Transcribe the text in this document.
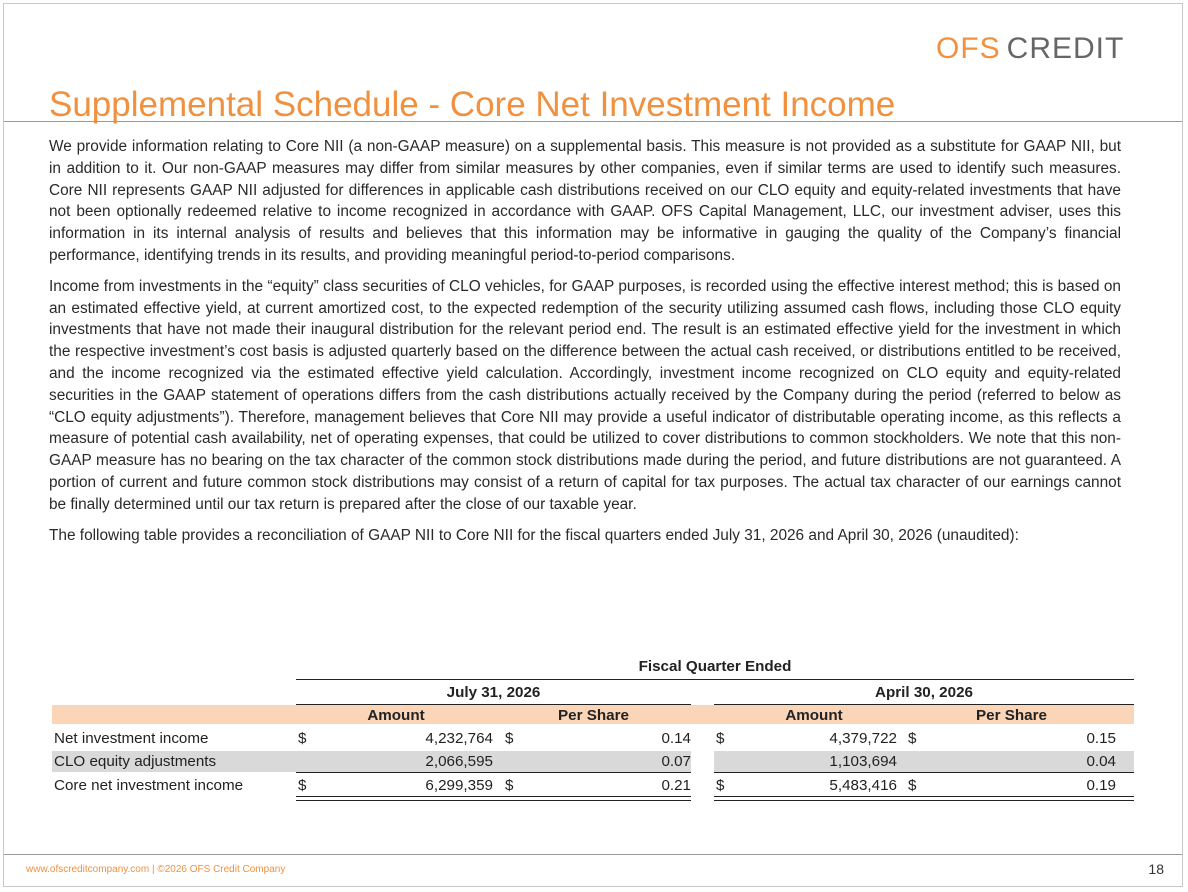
OFS CREDIT
Supplemental Schedule - Core Net Investment Income

We provide information relating to Core NII (a non-GAAP measure) on a supplemental basis. This measure is not provided as a substitute for GAAP NII, but in addition to it. Our non-GAAP measures may differ from similar measures by other companies, even if similar terms are used to identify such measures. Core NII represents GAAP NII adjusted for differences in applicable cash distributions received on our CLO equity and equity-related investments that have not been optionally redeemed relative to income recognized in accordance with GAAP. OFS Capital Management, LLC, our investment adviser, uses this information in its internal analysis of results and believes that this information may be informative in gauging the quality of the Company’s financial performance, identifying trends in its results, and providing meaningful period-to-period comparisons.

Income from investments in the “equity” class securities of CLO vehicles, for GAAP purposes, is recorded using the effective interest method; this is based on an estimated effective yield, at current amortized cost, to the expected redemption of the security utilizing assumed cash flows, including those CLO equity investments that have not made their inaugural distribution for the relevant period end. The result is an estimated effective yield for the investment in which the respective investment’s cost basis is adjusted quarterly based on the difference between the actual cash received, or distributions entitled to be received, and the income recognized via the estimated effective yield calculation. Accordingly, investment income recognized on CLO equity and equity-related securities in the GAAP statement of operations differs from the cash distributions actually received by the Company during the period (referred to below as “CLO equity adjustments”). Therefore, management believes that Core NII may provide a useful indicator of distributable operating income, as this reflects a measure of potential cash availability, net of operating expenses, that could be utilized to cover distributions to common stockholders. We note that this non-GAAP measure has no bearing on the tax character of the common stock distributions made during the period, and future distributions are not guaranteed. A portion of current and future common stock distributions may consist of a return of capital for tax purposes. The actual tax character of our earnings cannot be finally determined until our tax return is prepared after the close of our taxable year.

The following table provides a reconciliation of GAAP NII to Core NII for the fiscal quarters ended July 31, 2026 and April 30, 2026 (unaudited):

Fiscal Quarter Ended
July 31, 2026	April 30, 2026
Amount	Per Share	Amount	Per Share
Net investment income	$	4,232,764 $	0.14 $	4,379,722 $	0.15
CLO equity adjustments	2,066,595	0.07	1,103,694	0.04
Core net investment income	$	6,299,359 $	0.21 $	5,483,416 $	0.19
www.ofscreditcompany.com | ©2026 OFS Credit Company	18
